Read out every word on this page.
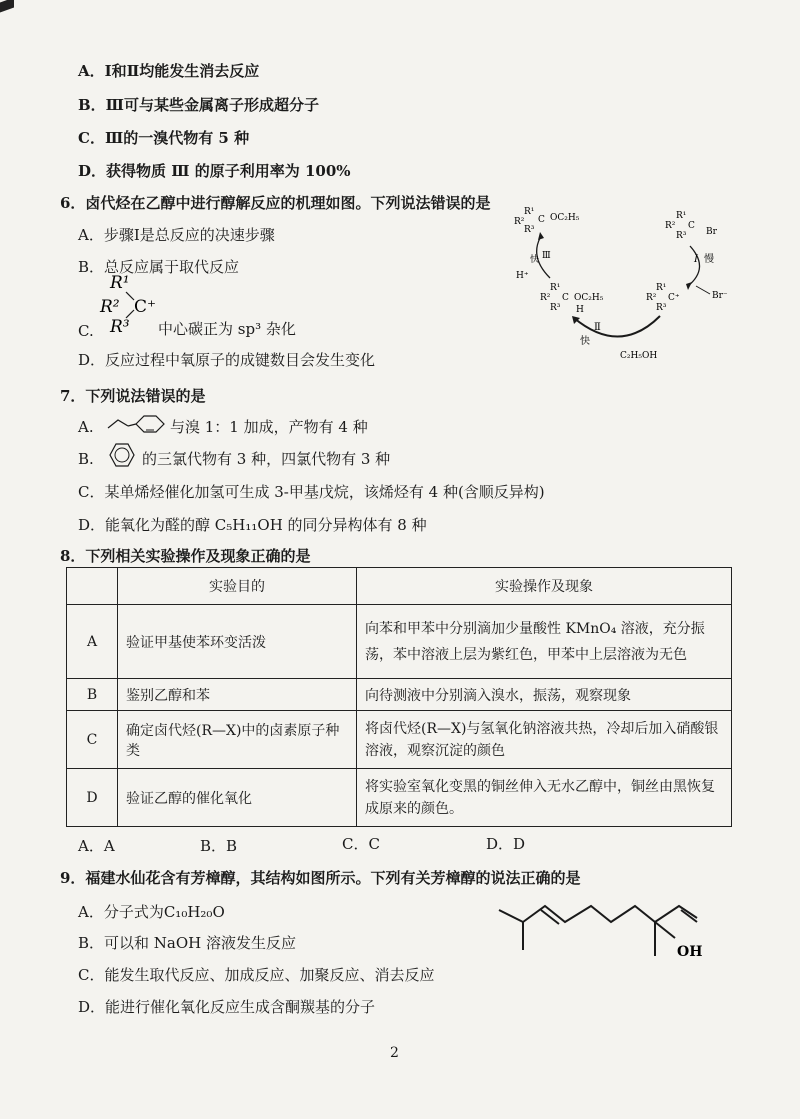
A．Ⅰ和Ⅱ均能发生消去反应
B．Ⅲ可与某些金属离子形成超分子
C．Ⅲ的一溴代物有 5 种
D．获得物质 Ⅲ 的原子利用率为 100%
6．卤代烃在乙醇中进行醇解反应的机理如图。下列说法错误的是
A．步骤Ⅰ是总反应的决速步骤
B．总反应属于取代反应
R¹
R² C⁺
R³
C.	中心碳正为 sp³ 杂化
D．反应过程中氧原子的成键数目会发生变化
R¹
R²
R³
C OC₂H₅	R¹
R²
R³
C
Br
R¹
R²
R³
C OC₂H₅
H
R¹
R²
R³
C⁺	Br⁻
Ⅰ 慢
Ⅱ
快
C₂H₅OH
快 Ⅲ
H⁺
7．下列说法错误的是
A.	与溴 1：1 加成，产物有 4 种
B.	的三氯代物有 3 种，四氯代物有 3 种
C．某单烯烃催化加氢可生成 3-甲基戊烷，该烯烃有 4 种(含顺反异构)
D．能氧化为醛的醇 C₅H₁₁OH 的同分异构体有 8 种
8．下列相关实验操作及现象正确的是
	实验目的	实验操作及现象
A	验证甲基使苯环变活泼	向苯和甲苯中分别滴加少量酸性 KMnO₄ 溶液，充分振荡，苯中溶液上层为紫红色，甲苯中上层溶液为无色
B	鉴别乙醇和苯	向待测液中分别滴入溴水，振荡，观察现象
C	确定卤代烃(R—X)中的卤素原子种类	将卤代烃(R—X)与氢氧化钠溶液共热，冷却后加入硝酸银溶液，观察沉淀的颜色
D	验证乙醇的催化氧化	将实验室氧化变黑的铜丝伸入无水乙醇中，铜丝由黑恢复成原来的颜色。
A．A	B．B	C．C	D．D
9．福建水仙花含有芳樟醇，其结构如图所示。下列有关芳樟醇的说法正确的是
A．分子式为C₁₀H₂₀O
B．可以和 NaOH 溶液发生反应
C．能发生取代反应、加成反应、加聚反应、消去反应
D．能进行催化氧化反应生成含酮羰基的分子
OH
2
